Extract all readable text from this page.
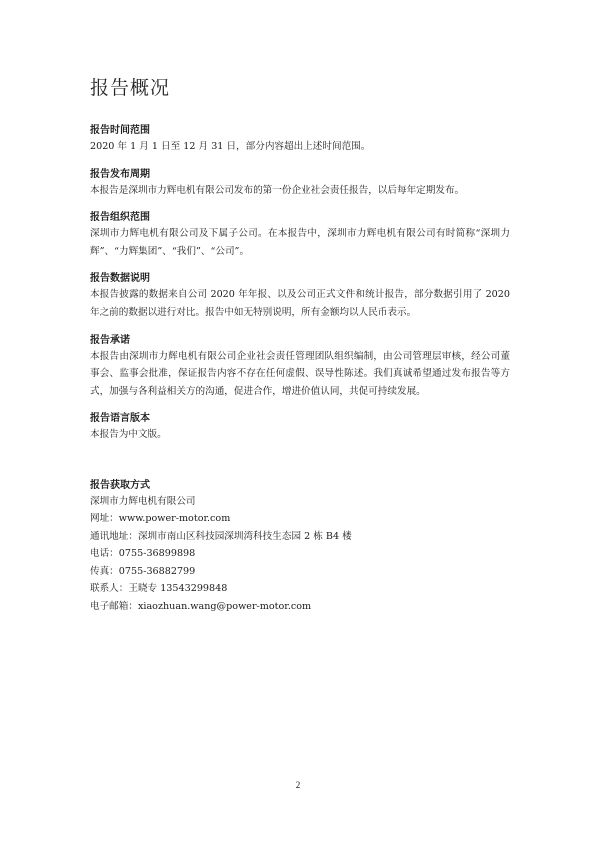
报告概况

报告时间范围

2020 年 1 月 1 日至 12 月 31 日，部分内容超出上述时间范围。

报告发布周期

本报告是深圳市力辉电机有限公司发布的第一份企业社会责任报告，以后每年定期发布。

报告组织范围

深圳市力辉电机有限公司及下属子公司。在本报告中，深圳市力辉电机有限公司有时简称“深圳力辉”、“力辉集团”、“我们”、“公司”。

报告数据说明

本报告披露的数据来自公司 2020 年年报、以及公司正式文件和统计报告，部分数据引用了 2020 年之前的数据以进行对比。报告中如无特别说明，所有金额均以人民币表示。

报告承诺

本报告由深圳市力辉电机有限公司企业社会责任管理团队组织编制，由公司管理层审核，经公司董事会、监事会批准，保证报告内容不存在任何虚假、误导性陈述。我们真诚希望通过发布报告等方式，加强与各利益相关方的沟通，促进合作，增进价值认同，共促可持续发展。

报告语言版本

本报告为中文版。

报告获取方式

深圳市力辉电机有限公司

网址：www.power-motor.com

通讯地址：深圳市南山区科技园深圳湾科技生态园 2 栋 B4 楼

电话：0755-36899898

传真：0755-36882799

联系人：王晓专 13543299848

电子邮箱：xiaozhuan.wang@power-motor.com

2
